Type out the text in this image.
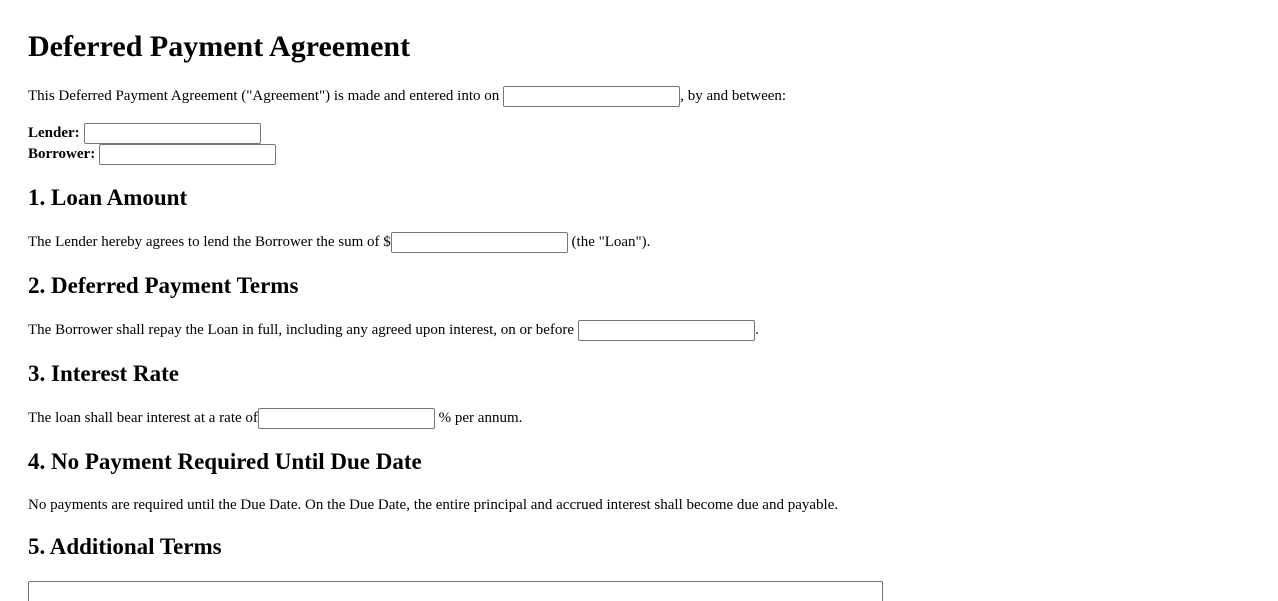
Deferred Payment Agreement
This Deferred Payment Agreement ("Agreement") is made and entered into on	, by and between:
Lender:
Borrower:
1. Loan Amount
The Lender hereby agrees to lend the Borrower the sum of $	(the "Loan").
2. Deferred Payment Terms
The Borrower shall repay the Loan in full, including any agreed upon interest, on or before	.
3. Interest Rate
The loan shall bear interest at a rate of	% per annum.
4. No Payment Required Until Due Date
No payments are required until the Due Date. On the Due Date, the entire principal and accrued interest shall become due and payable.
5. Additional Terms
